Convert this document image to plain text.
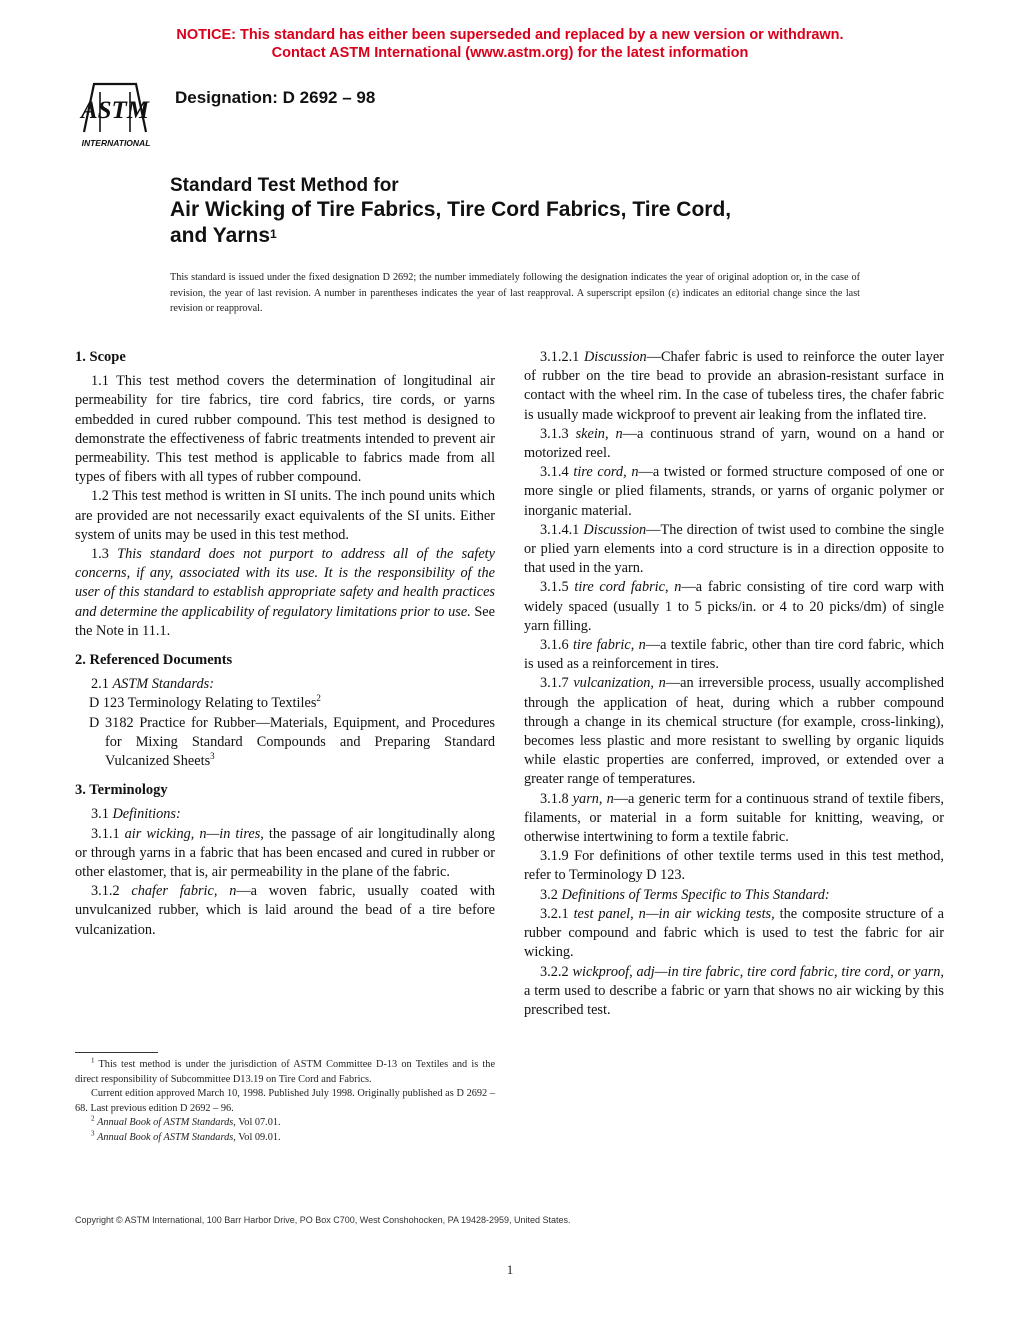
NOTICE: This standard has either been superseded and replaced by a new version or withdrawn.
Contact ASTM International (www.astm.org) for the latest information
ASTM
INTERNATIONAL
Designation: D 2692 – 98
Standard Test Method for
Air Wicking of Tire Fabrics, Tire Cord Fabrics, Tire Cord,
and Yarns$^1$
This standard is issued under the fixed designation D 2692; the number immediately following the designation indicates the year of original adoption or, in the case of revision, the year of last revision. A number in parentheses indicates the year of last reapproval. A superscript epsilon (ε) indicates an editorial change since the last revision or reapproval.
1. Scope

1.1 This test method covers the determination of longitudinal air permeability for tire fabrics, tire cord fabrics, tire cords, or yarns embedded in cured rubber compound. This test method is designed to demonstrate the effectiveness of fabric treatments intended to prevent air permeability. This test method is applicable to fabrics made from all types of fibers with all types of rubber compound.

1.2 This test method is written in SI units. The inch pound units which are provided are not necessarily exact equivalents of the SI units. Either system of units may be used in this test method.

1.3 This standard does not purport to address all of the safety concerns, if any, associated with its use. It is the responsibility of the user of this standard to establish appropriate safety and health practices and determine the applicability of regulatory limitations prior to use. See the Note in 11.1.

2. Referenced Documents

2.1 ASTM Standards:

D 123 Terminology Relating to Textiles$^2$

D 3182 Practice for Rubber—Materials, Equipment, and Procedures for Mixing Standard Compounds and Preparing Standard Vulcanized Sheets$^3$

3. Terminology

3.1 Definitions:

3.1.1 air wicking, n—in tires, the passage of air longitudinally along or through yarns in a fabric that has been encased and cured in rubber or other elastomer, that is, air permeability in the plane of the fabric.

3.1.2 chafer fabric, n—a woven fabric, usually coated with unvulcanized rubber, which is laid around the bead of a tire before vulcanization.

$^1$ This test method is under the jurisdiction of ASTM Committee D-13 on Textiles and is the direct responsibility of Subcommittee D13.19 on Tire Cord and Fabrics.

Current edition approved March 10, 1998. Published July 1998. Originally published as D 2692 – 68. Last previous edition D 2692 – 96.

$^2$ Annual Book of ASTM Standards, Vol 07.01.

$^3$ Annual Book of ASTM Standards, Vol 09.01.

3.1.2.1 Discussion—Chafer fabric is used to reinforce the outer layer of rubber on the tire bead to provide an abrasion-resistant surface in contact with the wheel rim. In the case of tubeless tires, the chafer fabric is usually made wickproof to prevent air leaking from the inflated tire.

3.1.3 skein, n—a continuous strand of yarn, wound on a hand or motorized reel.

3.1.4 tire cord, n—a twisted or formed structure composed of one or more single or plied filaments, strands, or yarns of organic polymer or inorganic material.

3.1.4.1 Discussion—The direction of twist used to combine the single or plied yarn elements into a cord structure is in a direction opposite to that used in the yarn.

3.1.5 tire cord fabric, n—a fabric consisting of tire cord warp with widely spaced (usually 1 to 5 picks/in. or 4 to 20 picks/dm) of single yarn filling.

3.1.6 tire fabric, n—a textile fabric, other than tire cord fabric, which is used as a reinforcement in tires.

3.1.7 vulcanization, n—an irreversible process, usually accomplished through the application of heat, during which a rubber compound through a change in its chemical structure (for example, cross-linking), becomes less plastic and more resistant to swelling by organic liquids while elastic properties are conferred, improved, or extended over a greater range of temperatures.

3.1.8 yarn, n—a generic term for a continuous strand of textile fibers, filaments, or material in a form suitable for knitting, weaving, or otherwise intertwining to form a textile fabric.

3.1.9 For definitions of other textile terms used in this test method, refer to Terminology D 123.

3.2 Definitions of Terms Specific to This Standard:

3.2.1 test panel, n—in air wicking tests, the composite structure of a rubber compound and fabric which is used to test the fabric for air wicking.

3.2.2 wickproof, adj—in tire fabric, tire cord fabric, tire cord, or yarn, a term used to describe a fabric or yarn that shows no air wicking by this prescribed test.

Copyright © ASTM International, 100 Barr Harbor Drive, PO Box C700, West Conshohocken, PA 19428-2959, United States.
1
